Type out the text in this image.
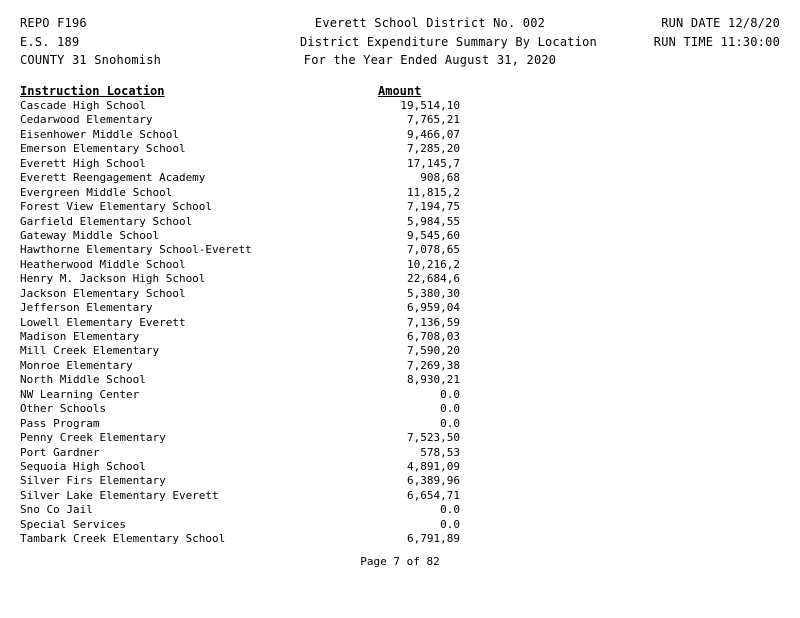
REPO F196	Everett School District No. 002	RUN DATE 12/8/20
E.S. 189	District Expenditure Summary By Location	RUN TIME 11:30:00
COUNTY 31 Snohomish	For the Year Ended August 31, 2020
Instruction Location	Amount
Cascade High School	19,514,10
Cedarwood Elementary	7,765,21
Eisenhower Middle School	9,466,07
Emerson Elementary School	7,285,20
Everett High School	17,145,7
Everett Reengagement Academy	908,68
Evergreen Middle School	11,815,2
Forest View Elementary School	7,194,75
Garfield Elementary School	5,984,55
Gateway Middle School	9,545,60
Hawthorne Elementary School-Everett	7,078,65
Heatherwood Middle School	10,216,2
Henry M. Jackson High School	22,684,6
Jackson Elementary School	5,380,30
Jefferson Elementary	6,959,04
Lowell Elementary Everett	7,136,59
Madison Elementary	6,708,03
Mill Creek Elementary	7,590,20
Monroe Elementary	7,269,38
North Middle School	8,930,21
NW Learning Center	0.0
Other Schools	0.0
Pass Program	0.0
Penny Creek Elementary	7,523,50
Port Gardner	578,53
Sequoia High School	4,891,09
Silver Firs Elementary	6,389,96
Silver Lake Elementary Everett	6,654,71
Sno Co Jail	0.0
Special Services	0.0
Tambark Creek Elementary School	6,791,89
Page 7 of 82
